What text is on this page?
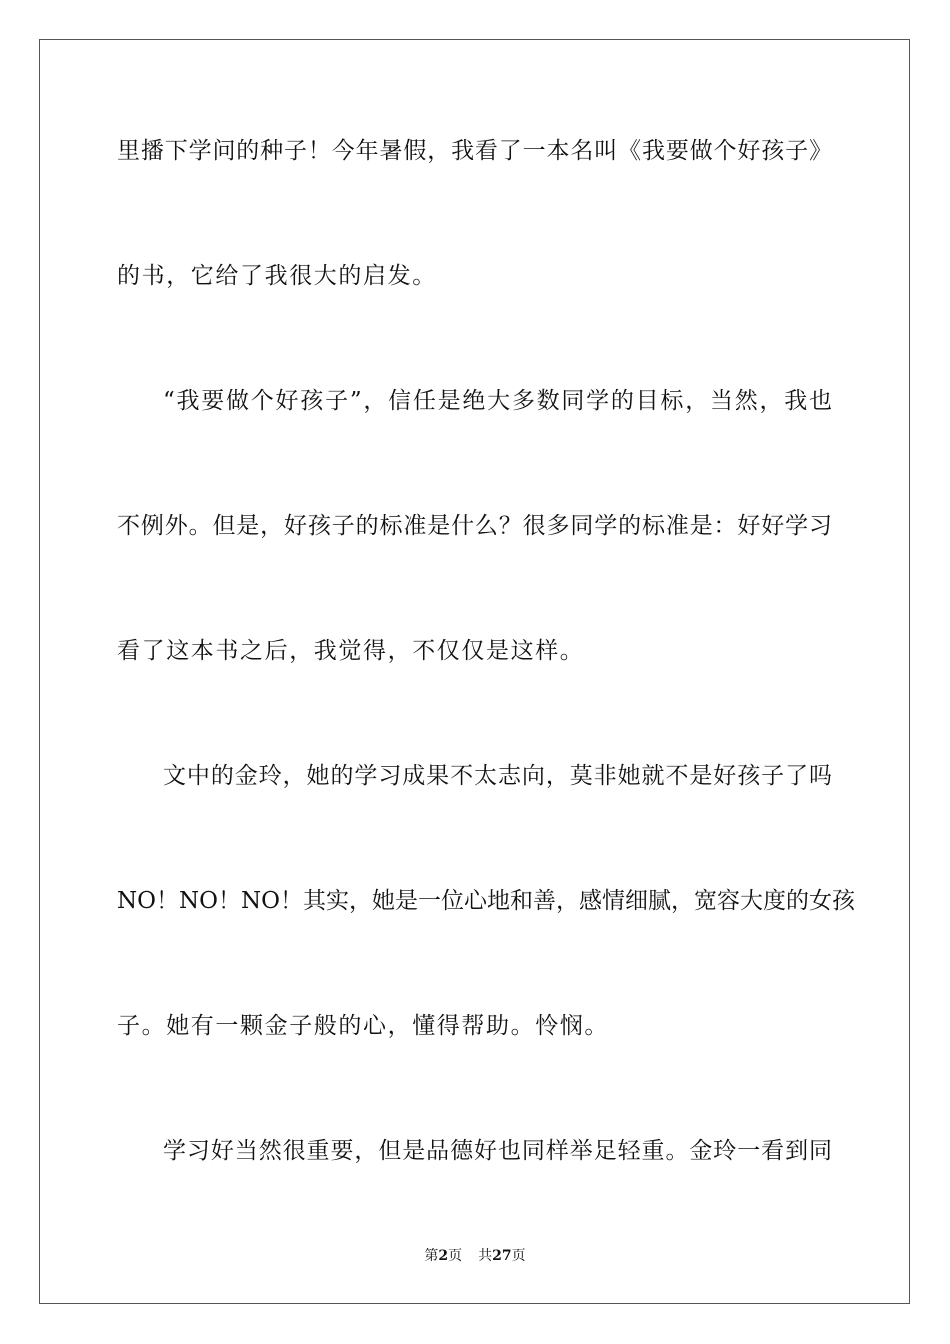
里播下学问的种子！今年暑假，我看了一本名叫《我要做个好孩子》
的书，它给了我很大的启发。
“我要做个好孩子”，信任是绝大多数同学的目标，当然，我也
不例外。但是，好孩子的标准是什么？很多同学的标准是：好好学习
看了这本书之后，我觉得，不仅仅是这样。
文中的金玲，她的学习成果不太志向，莫非她就不是好孩子了吗
NO！NO！NO！其实，她是一位心地和善，感情细腻，宽容大度的女孩
子。她有一颗金子般的心，懂得帮助。怜悯。
学习好当然很重要，但是品德好也同样举足轻重。金玲一看到同
第2页 共27页
